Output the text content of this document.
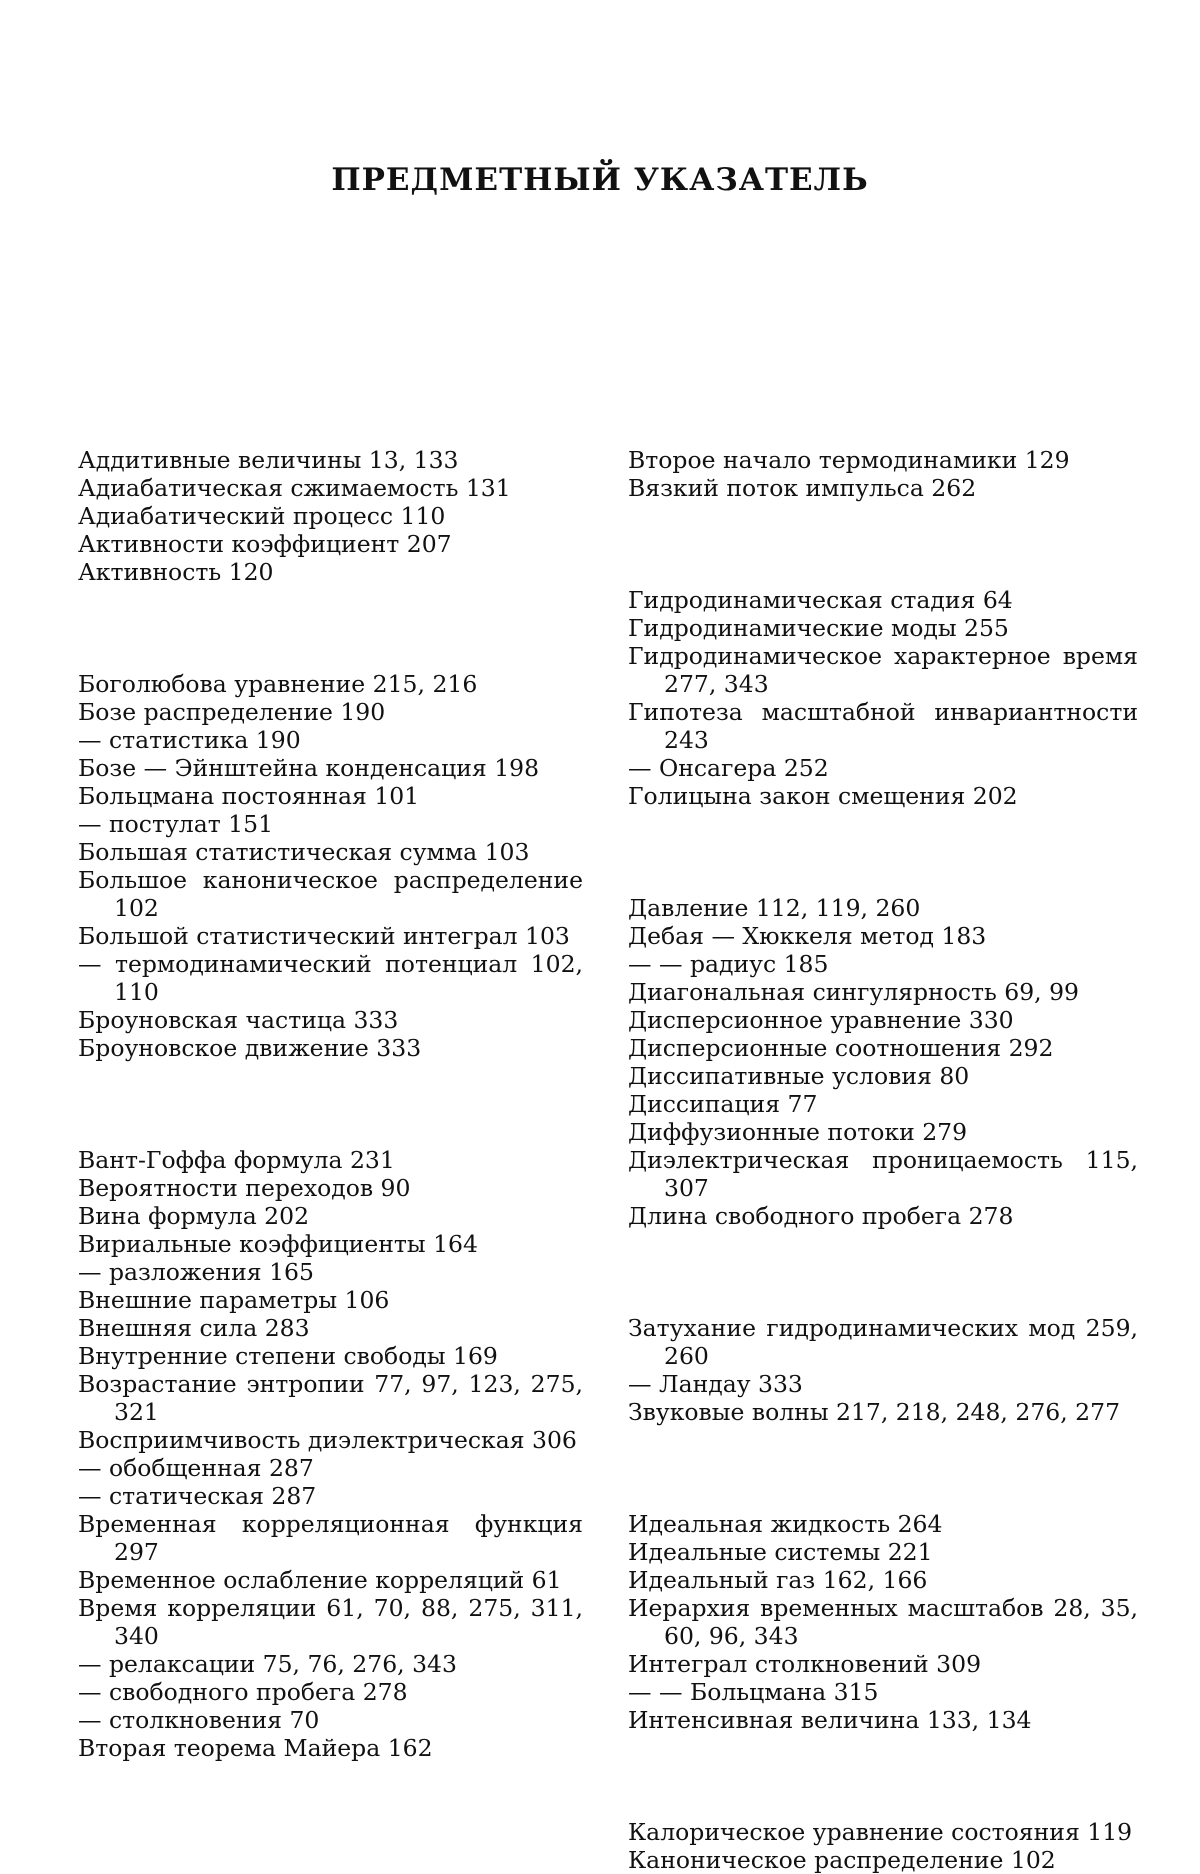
ПРЕДМЕТНЫЙ УКАЗАТЕЛЬ

Аддитивные величины 13, 133

Адиабатическая сжимаемость 131

Адиабатический процесс 110

Активности коэффициент 207

Активность 120

Боголюбова уравнение 215, 216

Бозе распределение 190

— статистика 190

Бозе — Эйнштейна конденсация 198

Больцмана постоянная 101

— постулат 151

Большая статистическая сумма 103

Большое каноническое распределение 102

Большой статистический интеграл 103

— термодинамический потенциал 102, 110

Броуновская частица 333

Броуновское движение 333

Вант-Гоффа формула 231

Вероятности переходов 90

Вина формула 202

Вириальные коэффициенты 164

— разложения 165

Внешние параметры 106

Внешняя сила 283

Внутренние степени свободы 169

Возрастание энтропии 77, 97, 123, 275, 321

Восприимчивость диэлектрическая 306

— обобщенная 287

— статическая 287

Временная корреляционная функция 297

Временное ослабление корреляций 61

Время корреляции 61, 70, 88, 275, 311, 340

— релаксации 75, 76, 276, 343

— свободного пробега 278

— столкновения 70

Вторая теорема Майера 162

Второе начало термодинамики 129

Вязкий поток импульса 262

Гидродинамическая стадия 64

Гидродинамические моды 255

Гидродинамическое характерное время 277, 343

Гипотеза масштабной инвариантности 243

— Онсагера 252

Голицына закон смещения 202

Давление 112, 119, 260

Дебая — Хюккеля метод 183

— — радиус 185

Диагональная сингулярность 69, 99

Дисперсионное уравнение 330

Дисперсионные соотношения 292

Диссипативные условия 80

Диссипация 77

Диффузионные потоки 279

Диэлектрическая проницаемость 115, 307

Длина свободного пробега 278

Затухание гидродинамических мод 259, 260

— Ландау 333

Звуковые волны 217, 218, 248, 276, 277

Идеальная жидкость 264

Идеальные системы 221

Идеальный газ 162, 166

Иерархия временных масштабов 28, 35, 60, 96, 343

Интеграл столкновений 309

— — Больцмана 315

Интенсивная величина 133, 134

Калорическое уравнение состояния 119

Каноническое распределение 102
